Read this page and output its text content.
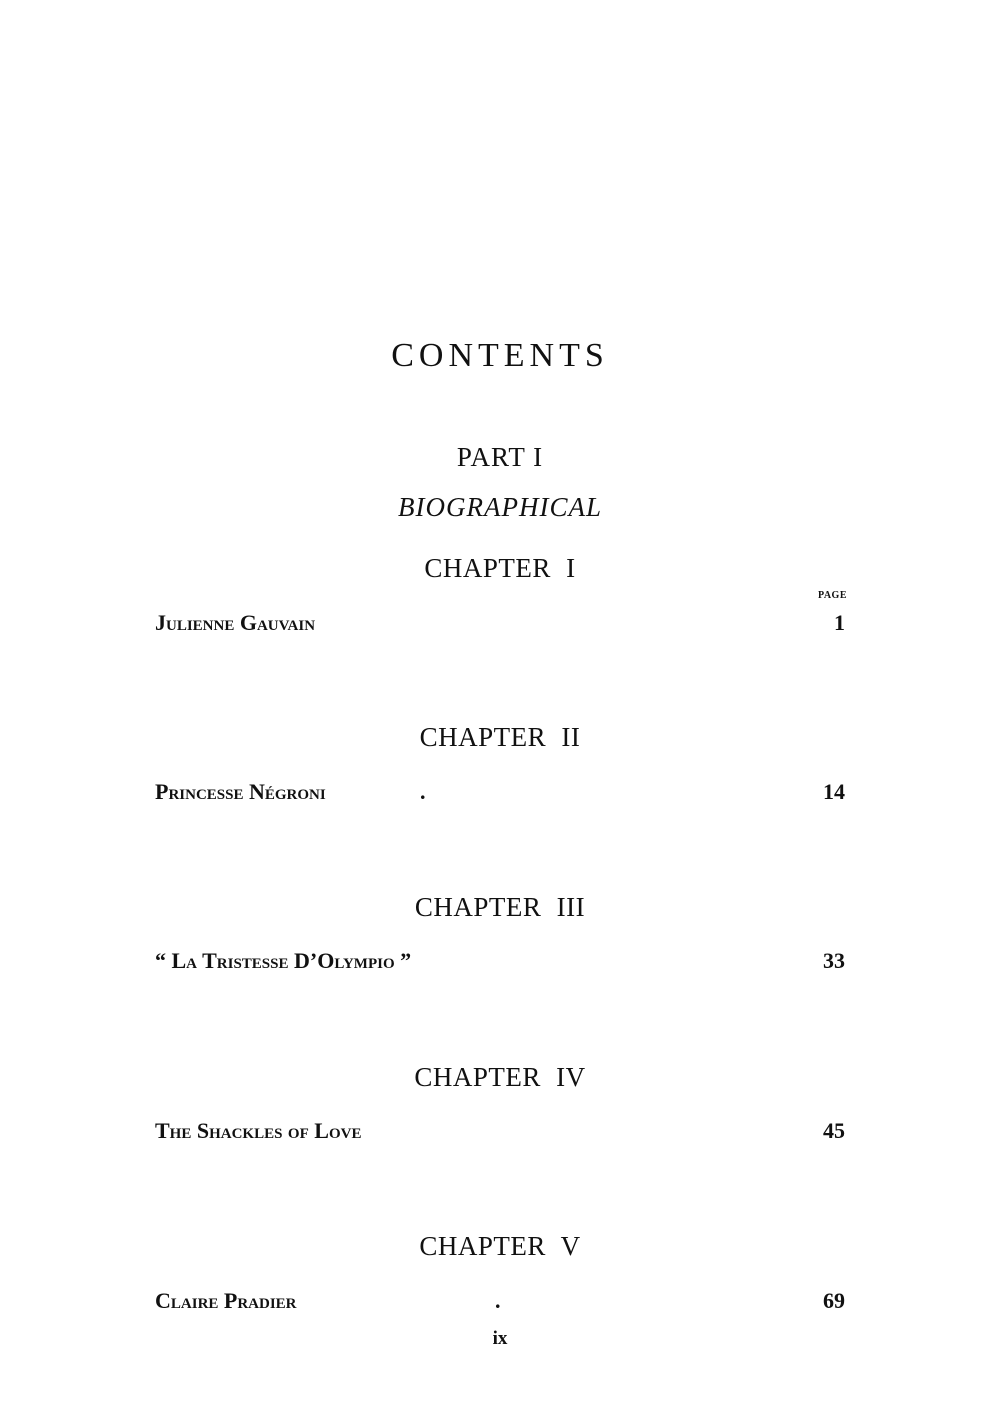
CONTENTS
PART I
BIOGRAPHICAL
CHAPTER I
PAGE
Julienne Gauvain	1
CHAPTER II
Princesse Négroni	.	14
CHAPTER III
“ La Tristesse D’Olympio ”	33
CHAPTER IV
The Shackles of Love	45
CHAPTER V
Claire Pradier	.	69
ix
